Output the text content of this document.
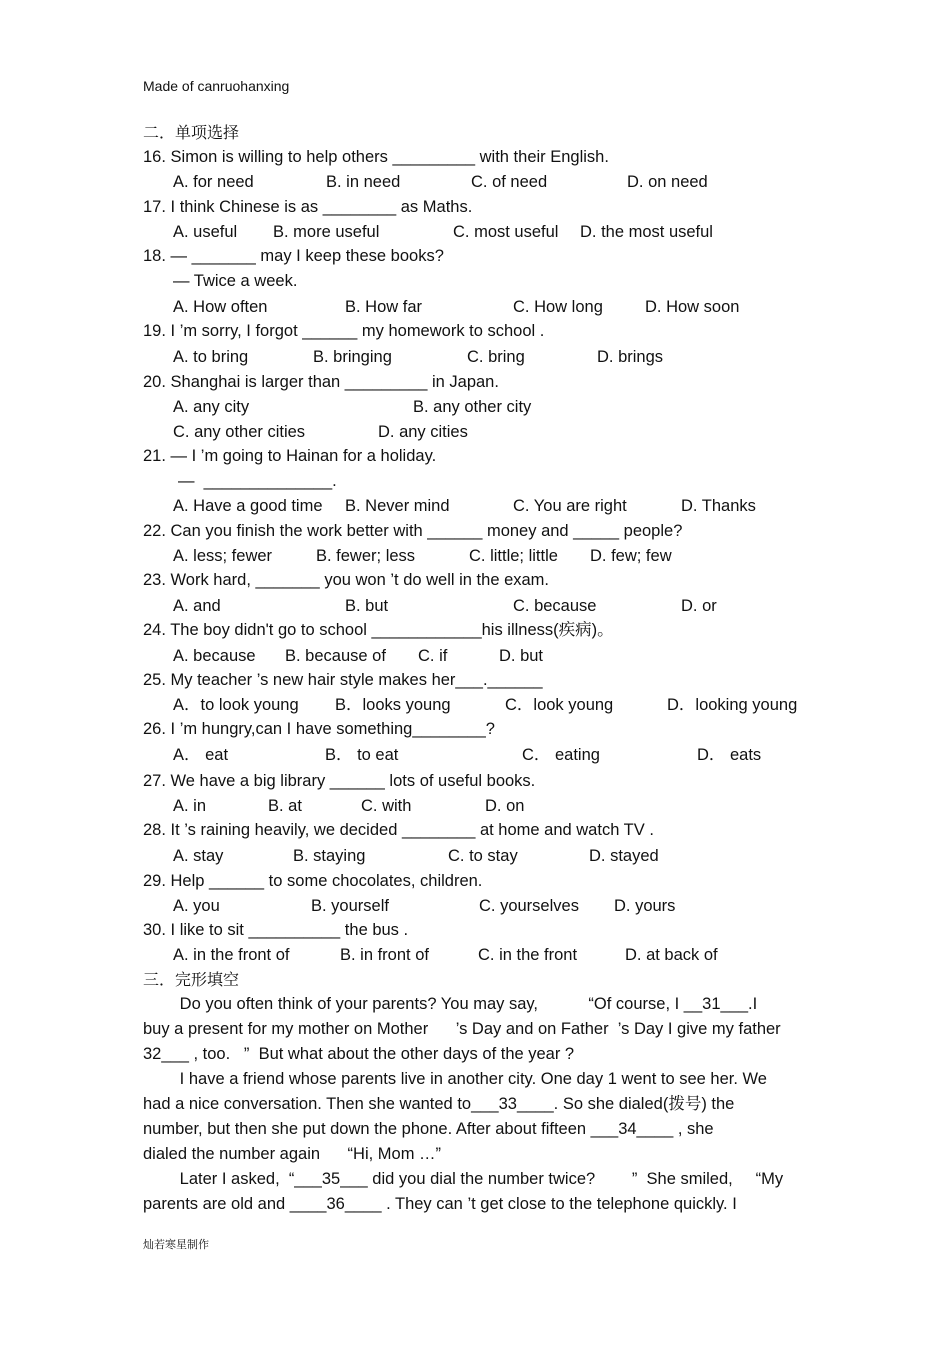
Made of canruohanxing
二．单项选择
16. Simon is willing to help others _________ with their English.
A. for need	B. in need	C. of need	D. on need
17. I think Chinese is as ________ as Maths.
A. useful B. more useful	C. most useful D. the most useful
18. — _______ may I keep these books?
— Twice a week.
A. How often	B. How far	C. How long	D. How soon
19. I ’m sorry, I forgot ______ my homework to school .
A. to bring	B. bringing	C. bring	D. brings
20. Shanghai is larger than _________ in Japan.
A. any city	B. any other city
C. any other cities	D. any cities
21. — I ’m going to Hainan for a holiday.
—  ______________.
A. Have a good time B. Never mind	C. You are right	D. Thanks
22. Can you finish the work better with ______ money and _____ people?
A. less; fewer	B. fewer; less	C. little; little D. few; few
23. Work hard, _______ you won ’t do well in the exam.
A. and	B. but	C. because	D. or
24. The boy didn't go to school ____________his illness(疾病)。
A. because B. because of C. if	D. but
25. My teacher ’s new hair style makes her___.______
A．to look young B．looks young	C．look young	D．looking young
26. I ’m hungry,can I have something________?
A． eat	B． to eat	C． eating	D． eats
27. We have a big library ______ lots of useful books.
A. in	B. at	C. with	D. on
28. It ’s raining heavily, we decided ________ at home and watch TV .
A. stay	B. staying	C. to stay	D. stayed
29. Help ______ to some chocolates, children.
A. you	B. yourself	C. yourselves D. yours
30. I like to sit __________ the bus .
A. in the front of	B. in front of	C. in the front	D. at back of
三．完形填空
Do you often think of your parents? You may say,           “Of course, I __31___.I
buy a present for my mother on Mother      ’s Day and on Father  ’s Day I give my father
32___ , too.   ”  But what about the other days of the year ?
I have a friend whose parents live in another city. One day 1 went to see her. We
had a nice conversation. Then she wanted to___33____. So she dialed(拨号) the
number, but then she put down the phone. After about fifteen ___34____ , she
dialed the number again      “Hi, Mom …”
Later I asked,  “___35___ did you dial the number twice?        ”  She smiled,     “My
parents are old and ____36____ . They can ’t get close to the telephone quickly. I
灿若寒星制作
